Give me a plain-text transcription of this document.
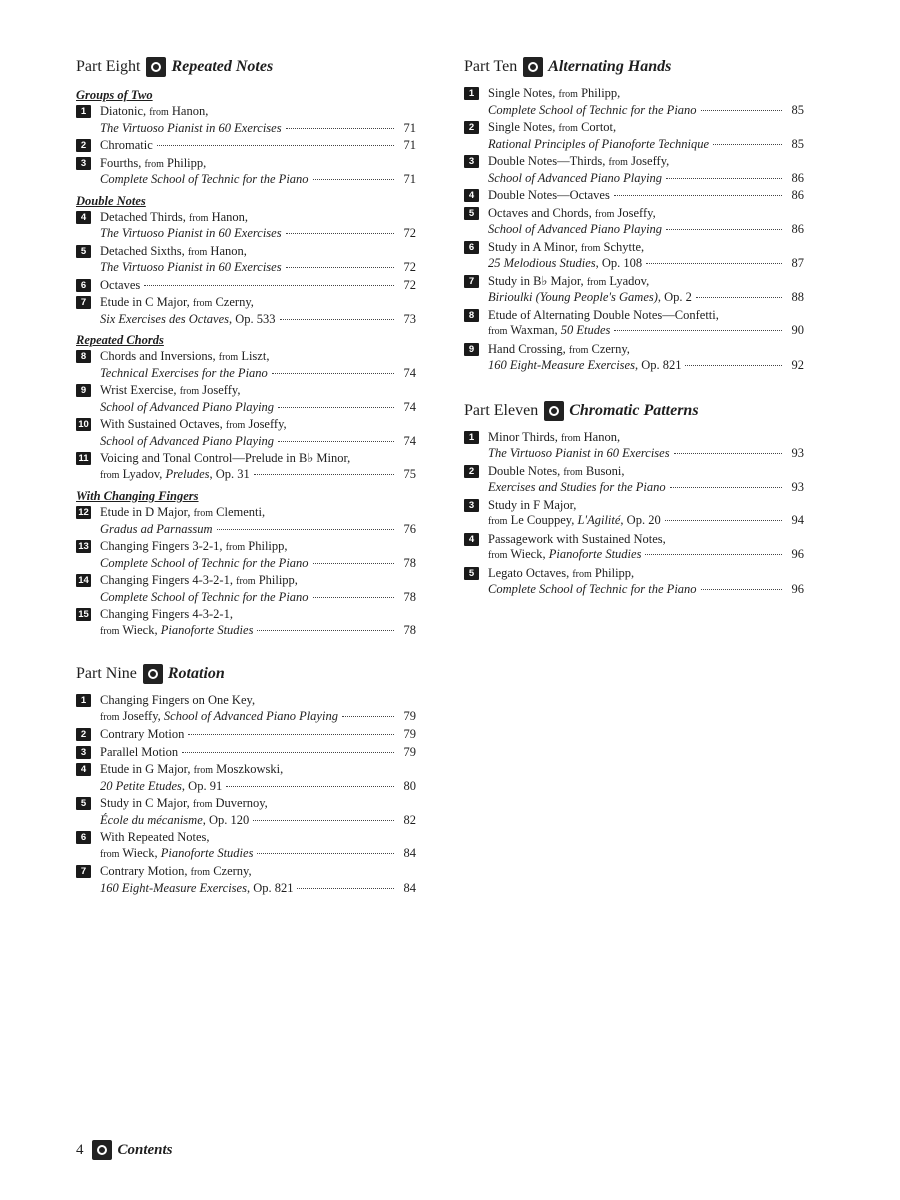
Part Eight Repeated Notes
Groups of Two
1	Diatonic, from Hanon,
The Virtuoso Pianist in 60 Exercises	71
2	Chromatic	71
3	Fourths, from Philipp,
Complete School of Technic for the Piano	71
Double Notes
4	Detached Thirds, from Hanon,
The Virtuoso Pianist in 60 Exercises	72
5	Detached Sixths, from Hanon,
The Virtuoso Pianist in 60 Exercises	72
6	Octaves	72
7	Etude in C Major, from Czerny,
Six Exercises des Octaves, Op. 533	73
Repeated Chords
8	Chords and Inversions, from Liszt,
Technical Exercises for the Piano	74
9	Wrist Exercise, from Joseffy,
School of Advanced Piano Playing	74
10 With Sustained Octaves, from Joseffy,
School of Advanced Piano Playing	74
11 Voicing and Tonal Control—Prelude in B♭ Minor,
from Lyadov, Preludes, Op. 31	75
With Changing Fingers
12 Etude in D Major, from Clementi,
Gradus ad Parnassum	76
13 Changing Fingers 3-2-1, from Philipp,
Complete School of Technic for the Piano	78
14 Changing Fingers 4-3-2-1, from Philipp,
Complete School of Technic for the Piano	78
15 Changing Fingers 4-3-2-1,
from Wieck, Pianoforte Studies	78
Part Nine Rotation
1	Changing Fingers on One Key,
from Joseffy, School of Advanced Piano Playing	79
2	Contrary Motion	79
3	Parallel Motion	79
4	Etude in G Major, from Moszkowski,
20 Petite Etudes, Op. 91	80
5	Study in C Major, from Duvernoy,
École du mécanisme, Op. 120	82
6	With Repeated Notes,
from Wieck, Pianoforte Studies	84
7	Contrary Motion, from Czerny,
160 Eight-Measure Exercises, Op. 821	84
Part Ten Alternating Hands
1	Single Notes, from Philipp,
Complete School of Technic for the Piano	85
2	Single Notes, from Cortot,
Rational Principles of Pianoforte Technique	85
3	Double Notes—Thirds, from Joseffy,
School of Advanced Piano Playing	86
4	Double Notes—Octaves	86
5	Octaves and Chords, from Joseffy,
School of Advanced Piano Playing	86
6	Study in A Minor, from Schytte,
25 Melodious Studies, Op. 108	87
7	Study in B♭ Major, from Lyadov,
Birioulki (Young People's Games), Op. 2	88
8	Etude of Alternating Double Notes—Confetti,
from Waxman, 50 Etudes	90
9	Hand Crossing, from Czerny,
160 Eight-Measure Exercises, Op. 821	92
Part Eleven Chromatic Patterns
1	Minor Thirds, from Hanon,
The Virtuoso Pianist in 60 Exercises	93
2	Double Notes, from Busoni,
Exercises and Studies for the Piano	93
3	Study in F Major,
from Le Couppey, L'Agilité, Op. 20	94
4	Passagework with Sustained Notes,
from Wieck, Pianoforte Studies	96
5	Legato Octaves, from Philipp,
Complete School of Technic for the Piano	96
4 Contents
